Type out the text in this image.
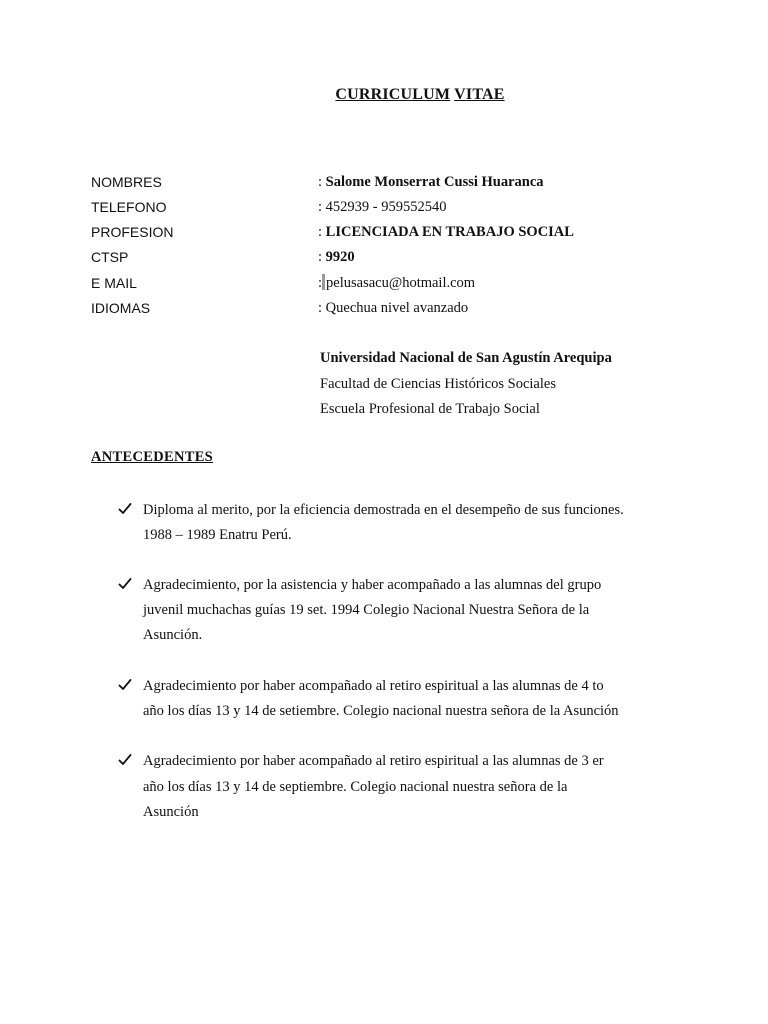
CURRICULUM VITAE
NOMBRES	: Salome Monserrat Cussi Huaranca
TELEFONO	: 452939 - 959552540
PROFESION	: LICENCIADA EN TRABAJO SOCIAL
CTSP	: 9920
E MAIL	: pelusasacu@hotmail.com
IDIOMAS	: Quechua nivel avanzado
Universidad Nacional de San Agustín Arequipa
Facultad de Ciencias Históricos Sociales
Escuela Profesional de Trabajo Social
ANTECEDENTES
Diploma al merito, por la eficiencia demostrada en el desempeño de sus funciones.
1988 – 1989 Enatru Perú.
Agradecimiento, por la asistencia y haber acompañado a las alumnas del grupo
juvenil muchachas guías 19 set. 1994 Colegio Nacional Nuestra Señora de la
Asunción.
Agradecimiento por haber acompañado al retiro espiritual a las alumnas de 4 to
año los días 13 y 14 de setiembre. Colegio nacional nuestra señora de la Asunción
Agradecimiento por haber acompañado al retiro espiritual a las alumnas de 3 er
año los días 13 y 14 de septiembre. Colegio nacional nuestra señora de la
Asunción
